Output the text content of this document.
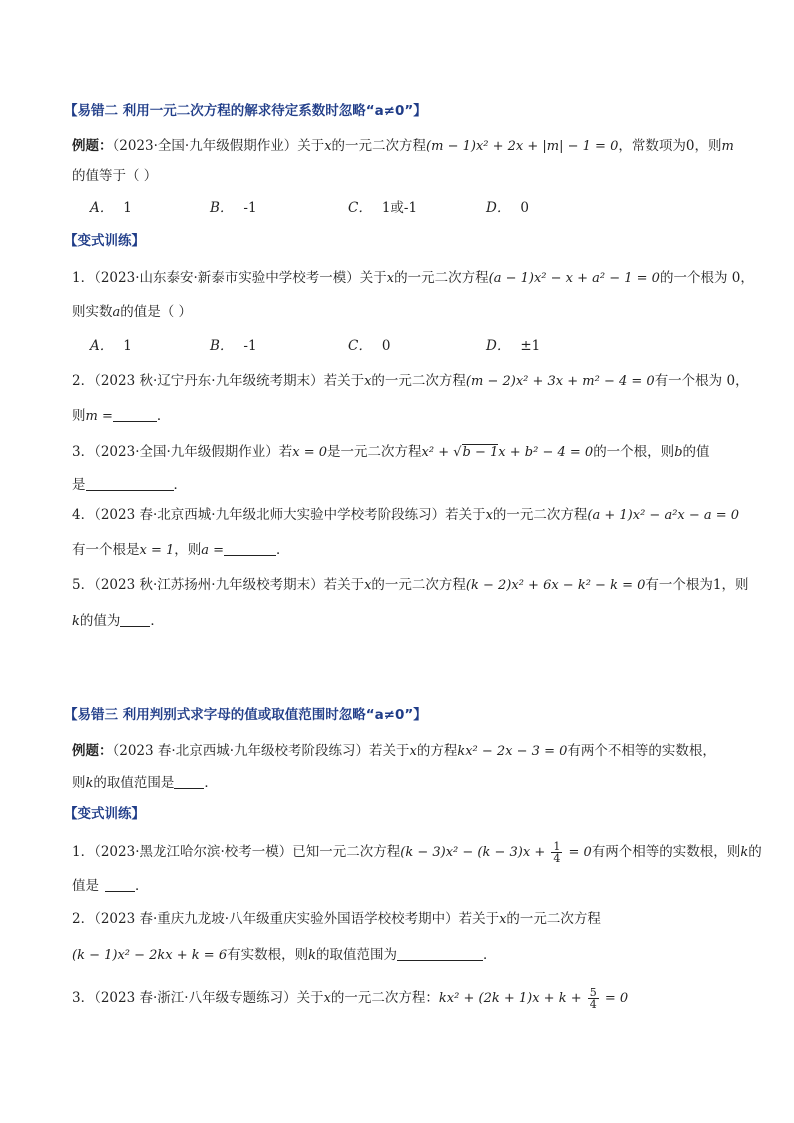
【易错二 利用一元二次方程的解求待定系数时忽略“a≠0”】
例题：（2023·全国·九年级假期作业）关于x的一元二次方程(m − 1)x² + 2x + |m| − 1 = 0，常数项为0，则m
的值等于（ ）
A． 1	B． -1	C． 1或-1	D． 0
【变式训练】
1．（2023·山东泰安·新泰市实验中学校考一模）关于x的一元二次方程(a − 1)x² − x + a² − 1 = 0的一个根为 0，
则实数a的值是（ ）
A． 1	B． -1	C． 0	D． ±1
2．（2023 秋·辽宁丹东·九年级统考期末）若关于x的一元二次方程(m − 2)x² + 3x + m² − 4 = 0有一个根为 0，
则m =	．
3．（2023·全国·九年级假期作业）若x = 0是一元二次方程x² + √b − 1x + b² − 4 = 0的一个根，则b的值
是	．
4．（2023 春·北京西城·九年级北师大实验中学校考阶段练习）若关于x的一元二次方程(a + 1)x² − a²x − a = 0
有一个根是x = 1，则a =	．
5．（2023 秋·江苏扬州·九年级校考期末）若关于x的一元二次方程(k − 2)x² + 6x − k² − k = 0有一个根为1，则
k的值为 ．
【易错三 利用判别式求字母的值或取值范围时忽略“a≠0”】
例题：（2023 春·北京西城·九年级校考阶段练习）若关于x的方程kx² − 2x − 3 = 0有两个不相等的实数根，
则k的取值范围是 ．
【变式训练】
1．（2023·黑龙江哈尔滨·校考一模）已知一元二次方程$(k - 3)x^2 - (k - 3)x + \frac{1}{4} = 0$有两个相等的实数根，则k的
值是	．
2．（2023 春·重庆九龙坡·八年级重庆实验外国语学校校考期中）若关于x的一元二次方程
(k − 1)x² − 2kx + k = 6有实数根，则k的取值范围为	．
3．（2023 春·浙江·八年级专题练习）关于x的一元二次方程：$kx^2 + (2k + 1)x + k + \frac{5}{4} = 0$
